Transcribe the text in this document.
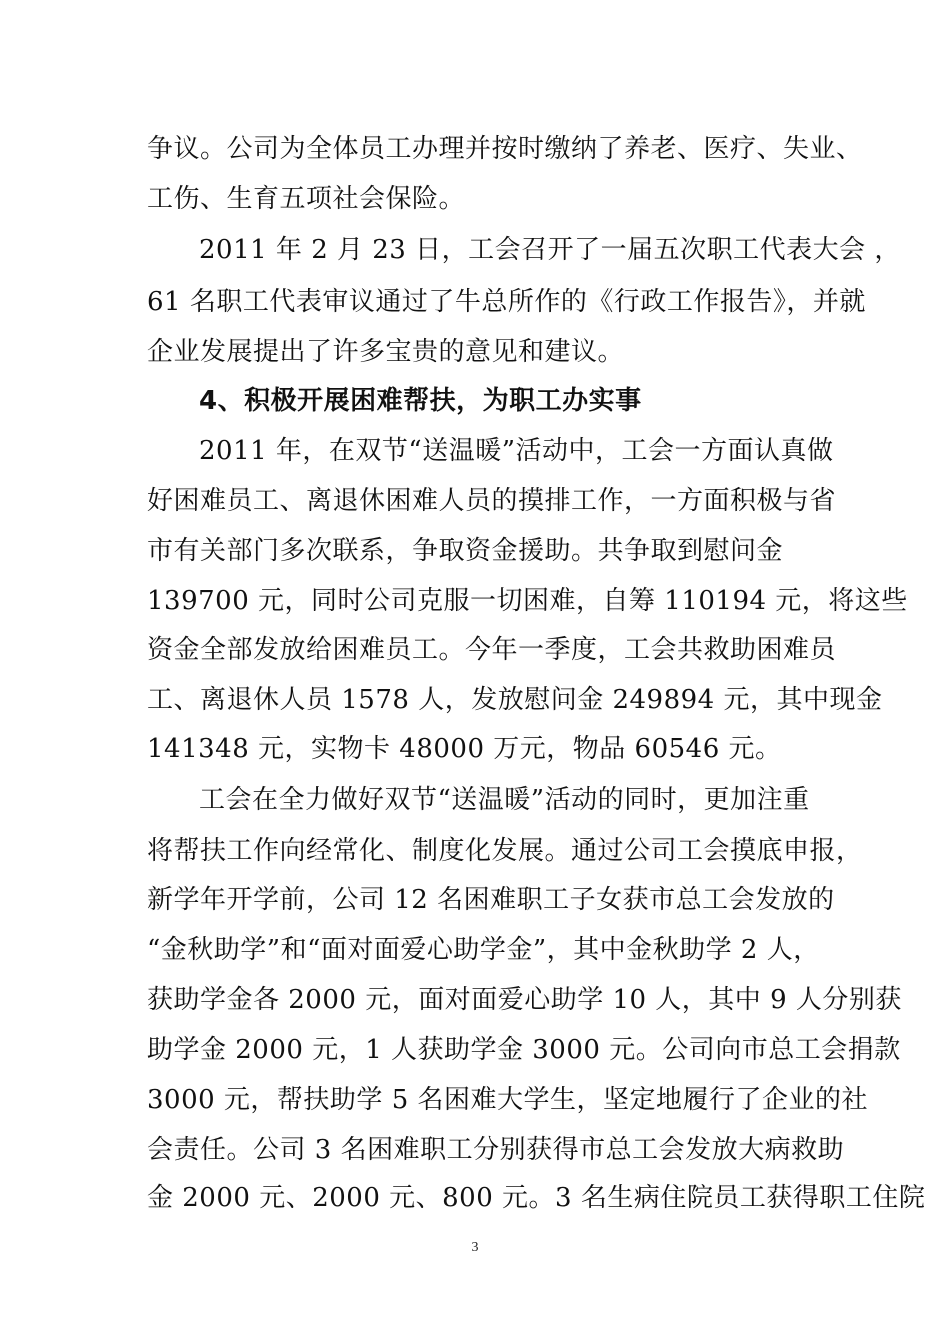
争议。公司为全体员工办理并按时缴纳了养老、医疗、失业、
工伤、生育五项社会保险。
2011 年 2 月 23 日，工会召开了一届五次职工代表大会 ，
61 名职工代表审议通过了牛总所作的《行政工作报告》，并就
企业发展提出了许多宝贵的意见和建议。
4、积极开展困难帮扶，为职工办实事
2011 年，在双节“送温暖”活动中，工会一方面认真做
好困难员工、离退休困难人员的摸排工作，一方面积极与省
市有关部门多次联系，争取资金援助。共争取到慰问金
139700 元，同时公司克服一切困难，自筹 110194 元，将这些
资金全部发放给困难员工。今年一季度，工会共救助困难员
工、离退休人员 1578 人，发放慰问金 249894 元，其中现金
141348 元，实物卡 48000 万元，物品 60546 元。
工会在全力做好双节“送温暖”活动的同时，更加注重
将帮扶工作向经常化、制度化发展。通过公司工会摸底申报，
新学年开学前，公司 12 名困难职工子女获市总工会发放的
“金秋助学”和“面对面爱心助学金”，其中金秋助学 2 人，
获助学金各 2000 元，面对面爱心助学 10 人，其中 9 人分别获
助学金 2000 元，1 人获助学金 3000 元。公司向市总工会捐款
3000 元，帮扶助学 5 名困难大学生，坚定地履行了企业的社
会责任。公司 3 名困难职工分别获得市总工会发放大病救助
金 2000 元、2000 元、800 元。3 名生病住院员工获得职工住院
3
